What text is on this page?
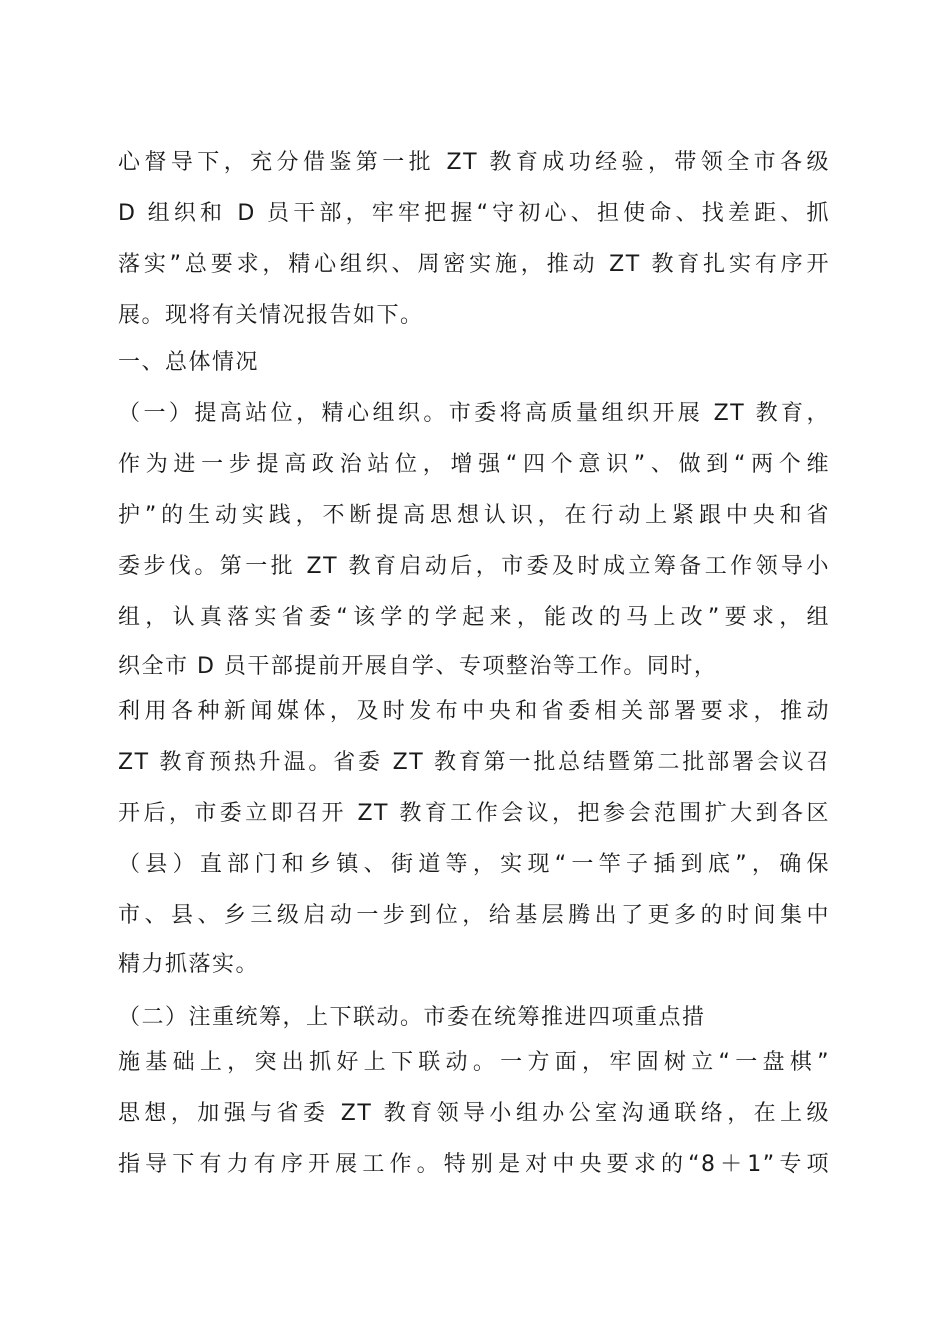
心督导下，充分借鉴第一批 ZT 教育成功经验，带领全市各级
D 组织和 D 员干部，牢牢把握“守初心、担使命、找差距、抓
落实”总要求，精心组织、周密实施，推动 ZT 教育扎实有序开
展。现将有关情况报告如下。
一、总体情况
（一）提高站位，精心组织。市委将高质量组织开展 ZT 教育，
作为进一步提高政治站位，增强“四个意识”、做到“两个维
护”的生动实践，不断提高思想认识，在行动上紧跟中央和省
委步伐。第一批 ZT 教育启动后，市委及时成立筹备工作领导小
组，认真落实省委“该学的学起来，能改的马上改”要求，组
织全市 D 员干部提前开展自学、专项整治等工作。同时，
利用各种新闻媒体，及时发布中央和省委相关部署要求，推动
ZT 教育预热升温。省委 ZT 教育第一批总结暨第二批部署会议召
开后，市委立即召开 ZT 教育工作会议，把参会范围扩大到各区
（县）直部门和乡镇、街道等，实现“一竿子插到底”，确保
市、县、乡三级启动一步到位，给基层腾出了更多的时间集中
精力抓落实。
（二）注重统筹，上下联动。市委在统筹推进四项重点措
施基础上，突出抓好上下联动。一方面，牢固树立“一盘棋”
思想，加强与省委 ZT 教育领导小组办公室沟通联络，在上级
指导下有力有序开展工作。特别是对中央要求的“8＋1”专项
